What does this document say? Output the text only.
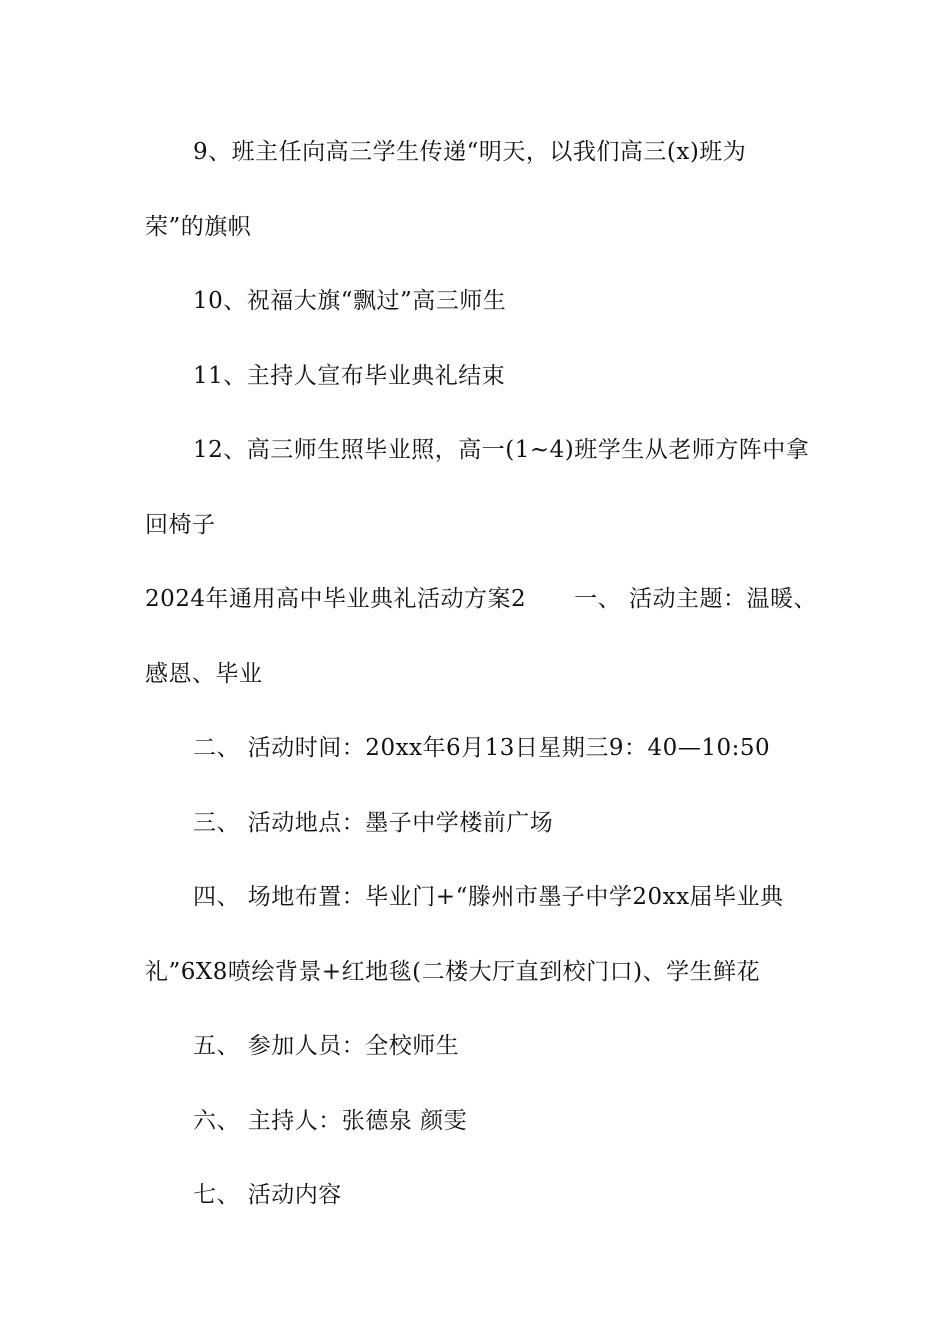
9、班主任向高三学生传递“明天，以我们高三(x)班为
荣”的旗帜
10、祝福大旗“飘过”高三师生
11、主持人宣布毕业典礼结束
12、高三师生照毕业照，高一(1~4)班学生从老师方阵中拿
回椅子
2024年通用高中毕业典礼活动方案2 一、 活动主题：温暖、
感恩、毕业
二、 活动时间：20xx年6月13日星期三9：40—10:50
三、 活动地点：墨子中学楼前广场
四、 场地布置：毕业门+“滕州市墨子中学20xx届毕业典
礼”6X8喷绘背景+红地毯(二楼大厅直到校门口)、学生鲜花
五、 参加人员：全校师生
六、 主持人：张德泉 颜雯
七、 活动内容
